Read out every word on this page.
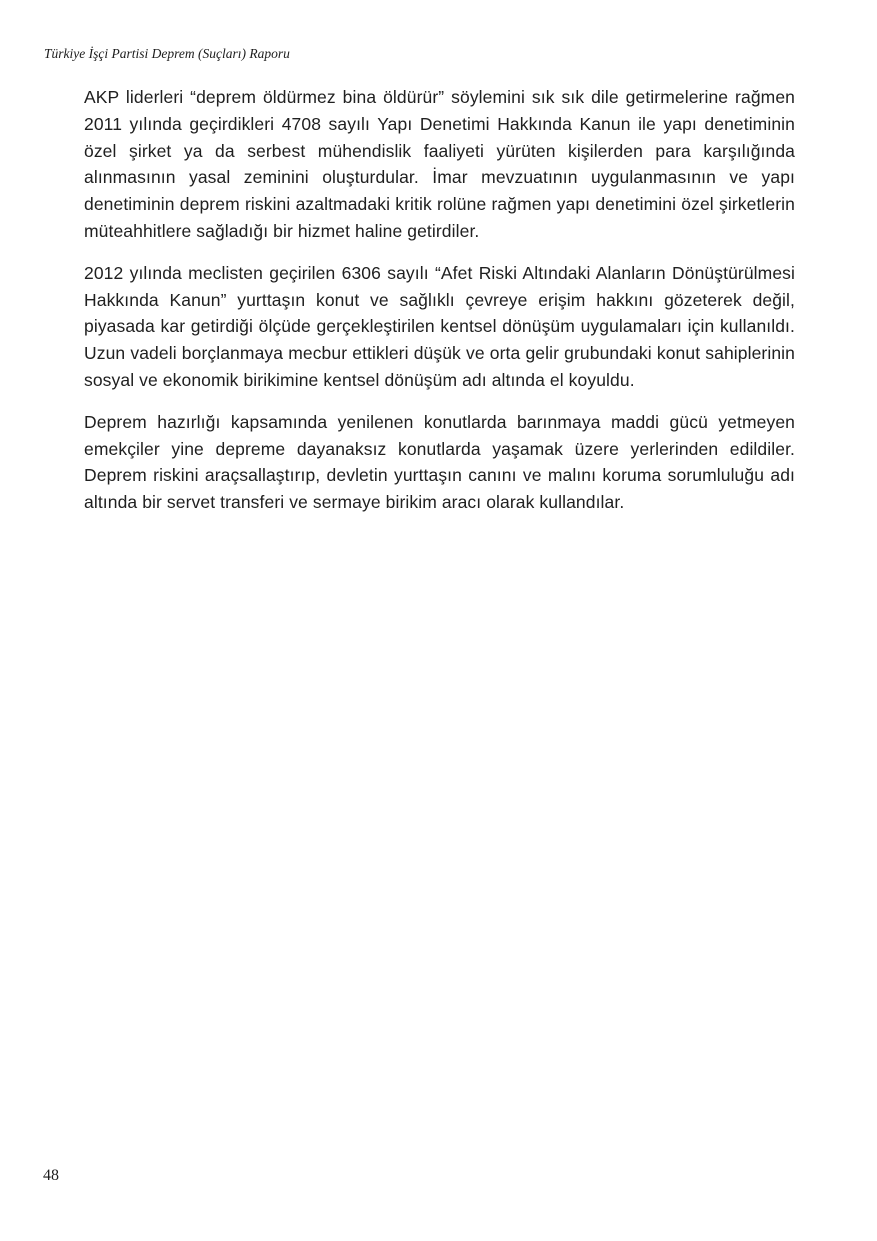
Türkiye İşçi Partisi Deprem (Suçları) Raporu

AKP liderleri “deprem öldürmez bina öldürür” söylemini sık sık dile getirmelerine rağmen 2011 yılında geçirdikleri 4708 sayılı Yapı Denetimi Hakkında Kanun ile yapı denetiminin özel şirket ya da serbest mühendislik faaliyeti yürüten kişilerden para karşılığında alınmasının yasal zeminini oluşturdular. İmar mevzuatının uygulanmasının ve yapı denetiminin deprem riskini azaltmadaki kritik rolüne rağmen yapı denetimini özel şirketlerin müteahhitlere sağladığı bir hizmet haline getirdiler.

2012 yılında meclisten geçirilen 6306 sayılı “Afet Riski Altındaki Alanların Dönüştürülmesi Hakkında Kanun” yurttaşın konut ve sağlıklı çevreye erişim hakkını gözeterek değil, piyasada kar getirdiği ölçüde gerçekleştirilen kentsel dönüşüm uygulamaları için kullanıldı. Uzun vadeli borçlanmaya mecbur ettikleri düşük ve orta gelir grubundaki konut sahiplerinin sosyal ve ekonomik birikimine kentsel dönüşüm adı altında el koyuldu.

Deprem hazırlığı kapsamında yenilenen konutlarda barınmaya maddi gücü yetmeyen emekçiler yine depreme dayanaksız konutlarda yaşamak üzere yerlerinden edildiler. Deprem riskini araçsallaştırıp, devletin yurttaşın canını ve malını koruma sorumluluğu adı altında bir servet transferi ve sermaye birikim aracı olarak kullandılar.

48
